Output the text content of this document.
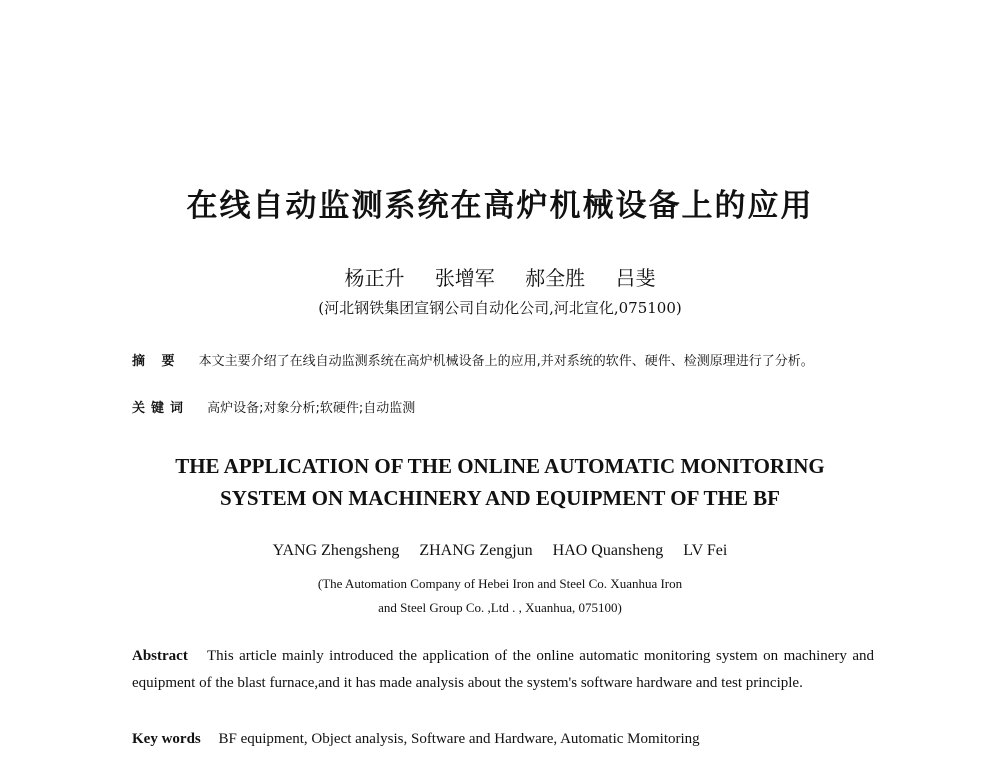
在线自动监测系统在高炉机械设备上的应用
杨正升 张增军 郝全胜 吕斐
(河北钢铁集团宣钢公司自动化公司,河北宣化,075100)
摘 要 本文主要介绍了在线自动监测系统在高炉机械设备上的应用,并对系统的软件、硬件、检测原理进行了分析。
关键词 高炉设备;对象分析;软硬件;自动监测
THE APPLICATION OF THE ONLINE AUTOMATIC MONITORING
SYSTEM ON MACHINERY AND EQUIPMENT OF THE BF
YANG Zhengsheng ZHANG Zengjun HAO Quansheng LV Fei
(The Automation Company of Hebei Iron and Steel Co. Xuanhua Iron
and Steel Group Co. ,Ltd . , Xuanhua, 075100)
Abstract This article mainly introduced the application of the online automatic monitoring system on machinery and equipment of the blast furnace,and it has made analysis about the system's software hardware and test principle.
Key words BF equipment, Object analysis, Software and Hardware, Automatic Momitoring
